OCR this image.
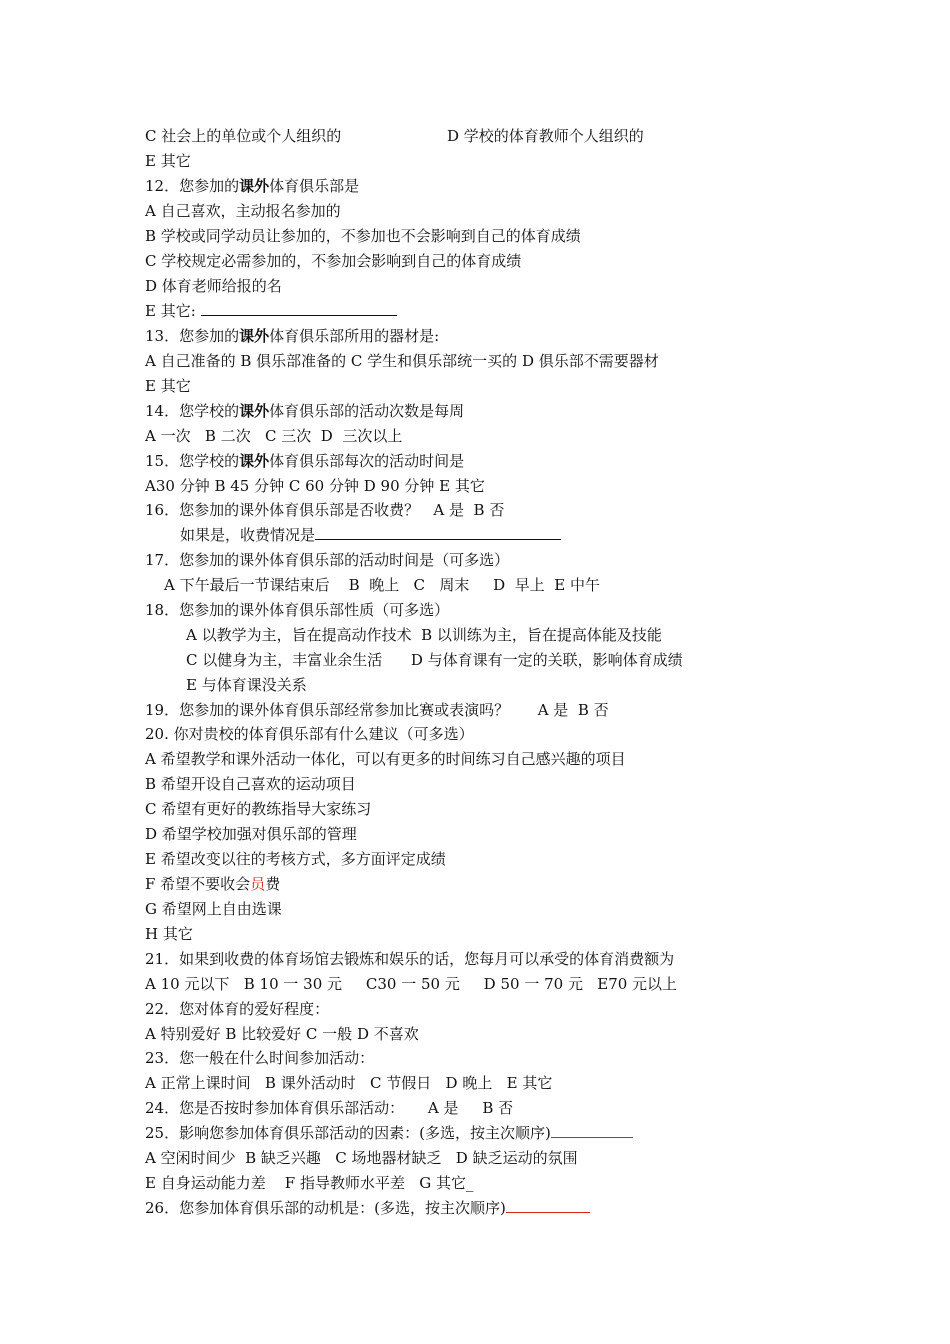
C 社会上的单位或个人组织的	D 学校的体育教师个人组织的
E 其它
12．您参加的课外体育俱乐部是
A 自己喜欢，主动报名参加的
B 学校或同学动员让参加的，不参加也不会影响到自己的体育成绩
C 学校规定必需参加的，不参加会影响到自己的体育成绩
D 体育老师给报的名
E 其它:
13．您参加的课外体育俱乐部所用的器材是:
A 自己准备的 B 俱乐部准备的 C 学生和俱乐部统一买的 D 俱乐部不需要器材
E 其它
14．您学校的课外体育俱乐部的活动次数是每周
A 一次   B 二次   C 三次  D  三次以上
15．您学校的课外体育俱乐部每次的活动时间是
A30 分钟 B 45 分钟 C 60 分钟 D 90 分钟 E 其它
16．您参加的课外体育俱乐部是否收费？   A 是  B 否
如果是，收费情况是
17．您参加的课外体育俱乐部的活动时间是（可多选）
A 下午最后一节课结束后    B  晚上   C   周末     D  早上  E 中午
18．您参加的课外体育俱乐部性质（可多选）
A 以教学为主，旨在提高动作技术  B 以训练为主，旨在提高体能及技能
C 以健身为主，丰富业余生活      D 与体育课有一定的关联，影响体育成绩
E 与体育课没关系
19．您参加的课外体育俱乐部经常参加比赛或表演吗？      A 是  B 否
20. 你对贵校的体育俱乐部有什么建议（可多选）
A 希望教学和课外活动一体化，可以有更多的时间练习自己感兴趣的项目
B 希望开设自己喜欢的运动项目
C 希望有更好的教练指导大家练习
D 希望学校加强对俱乐部的管理
E 希望改变以往的考核方式，多方面评定成绩
F 希望不要收会员费
G 希望网上自由选课
H 其它
21．如果到收费的体育场馆去锻炼和娱乐的话，您每月可以承受的体育消费额为
A 10 元以下   B 10 一 30 元     C30 一 50 元     D 50 一 70 元   E70 元以上
22．您对体育的爱好程度：
A 特别爱好 B 比较爱好 C 一般 D 不喜欢
23．您一般在什么时间参加活动：
A 正常上课时间   B 课外活动时   C 节假日   D 晚上   E 其它
24．您是否按时参加体育俱乐部活动：     A 是     B 否
25．影响您参加体育俱乐部活动的因素：(多选，按主次顺序)
A 空闲时间少  B 缺乏兴趣   C 场地器材缺乏   D 缺乏运动的氛围
E 自身运动能力差    F 指导教师水平差   G 其它_
26．您参加体育俱乐部的动机是：(多选，按主次顺序)
